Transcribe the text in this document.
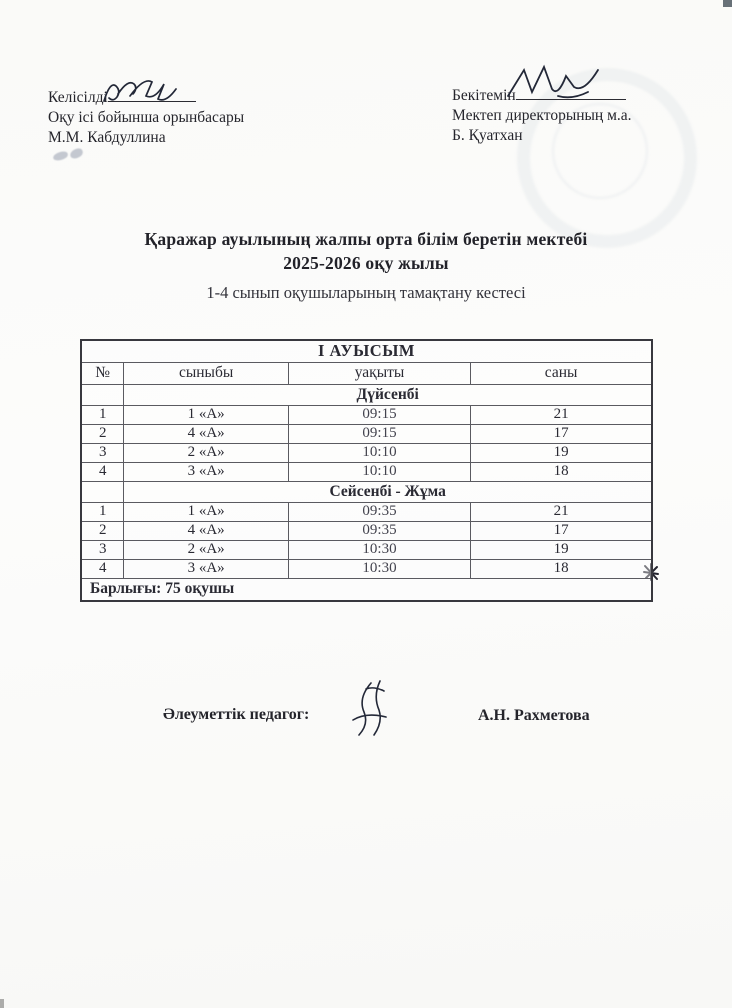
Келісілді
Оқу ісі бойынша орынбасары
М.М. Кабдуллина
Бекітемін
Мектеп директорының м.а.
Б. Қуатхан
Қаражар ауылының жалпы орта білім беретін мектебі
2025-2026 оқу жылы
1-4 сынып оқушыларының тамақтану кестесі
І АУЫСЫМ			
№	сыныбы	уақыты	саны
	Дүйсенбі		
1	1 «А»	09:15	21
2	4 «А»	09:15	17
3	2 «А»	10:10	19
4	3 «А»	10:10	18
	Сейсенбі - Жұма		
1	1 «А»	09:35	21
2	4 «А»	09:35	17
3	2 «А»	10:30	19
4	3 «А»	10:30	18
Барлығы: 75 оқушы			
Әлеуметтік педагог:	А.Н. Рахметова
